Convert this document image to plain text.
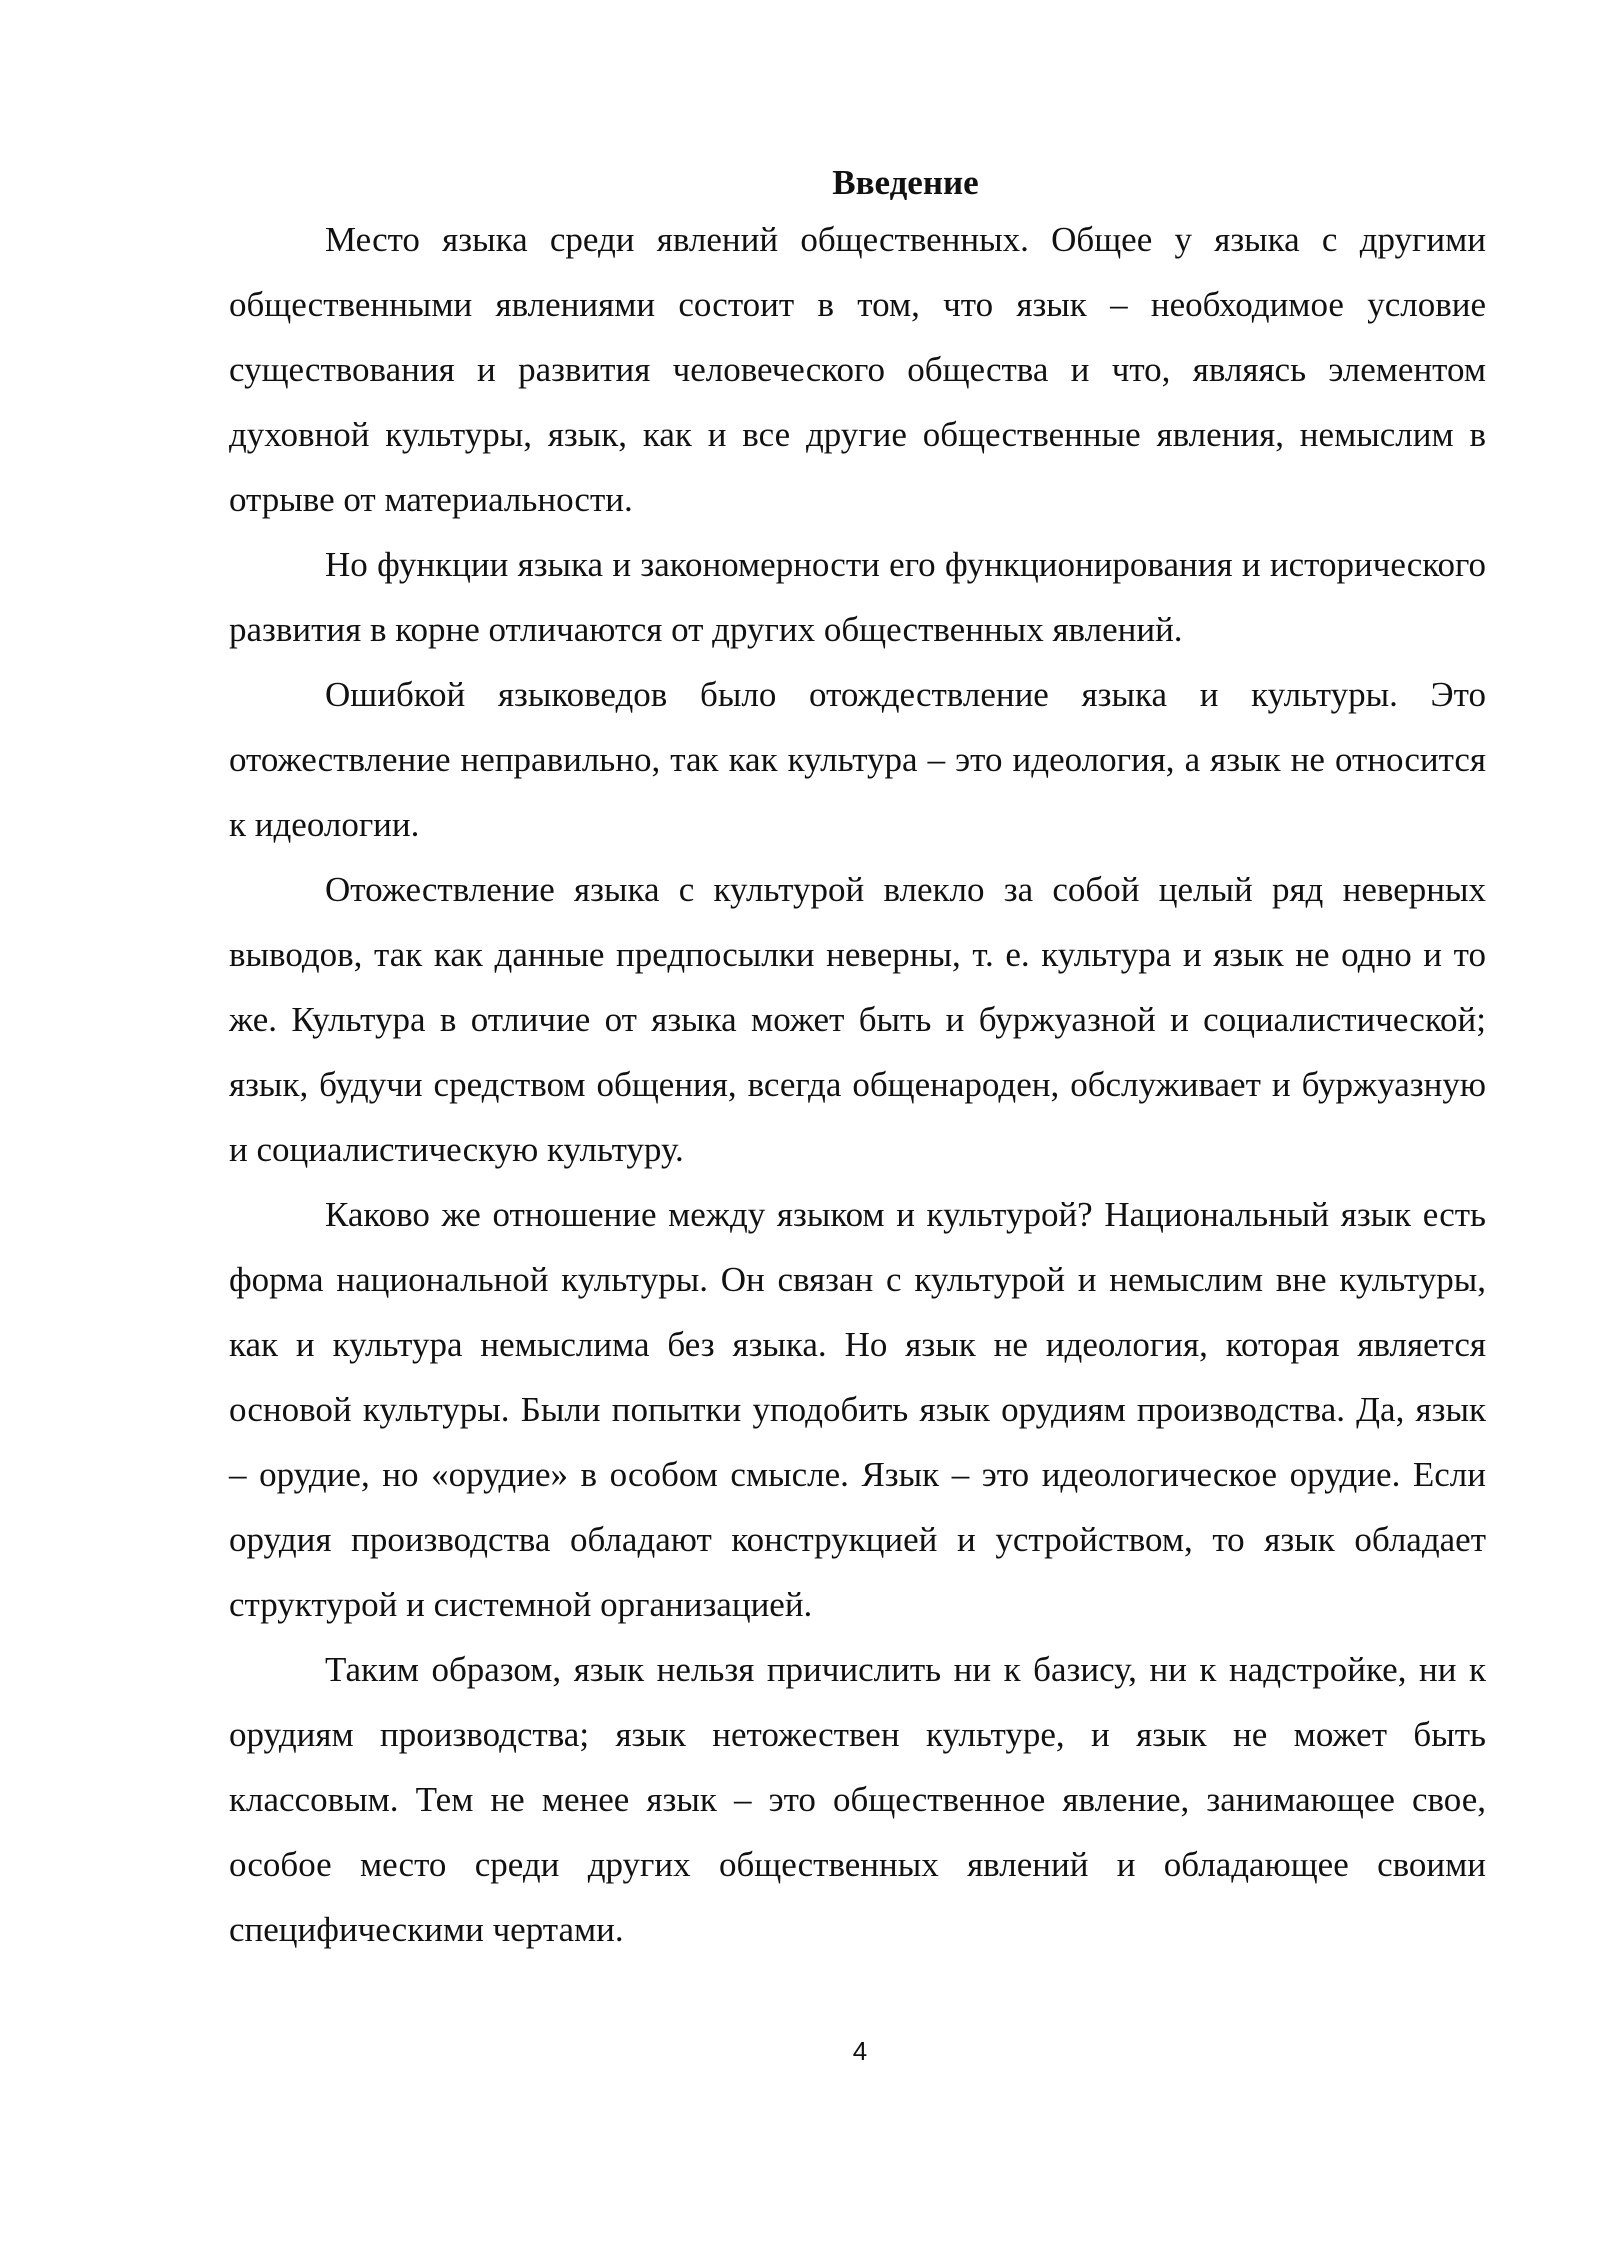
Введение

Место языка среди явлений общественных. Общее у языка с другими общественными явлениями состоит в том, что язык – необходимое условие существования и развития человеческого общества и что, являясь элементом духовной культуры, язык, как и все другие общественные явления, немыслим в отрыве от материальности.

Но функции языка и закономерности его функционирования и исторического развития в корне отличаются от других общественных явлений.

Ошибкой языковедов было отождествление языка и культуры. Это отожествление неправильно, так как культура – это идеология, а язык не относится к идеологии.

Отожествление языка с культурой влекло за собой целый ряд неверных выводов, так как данные предпосылки неверны, т. е. культура и язык не одно и то же. Культура в отличие от языка может быть и буржуазной и социалистической; язык, будучи средством общения, всегда общенароден, обслуживает и буржуазную и социалистическую культуру.

Каково же отношение между языком и культурой? Национальный язык есть форма национальной культуры. Он связан с культурой и немыслим вне культуры, как и культура немыслима без языка. Но язык не идеология, которая является основой культуры. Были попытки уподобить язык орудиям производства. Да, язык – орудие, но «орудие» в особом смысле. Язык – это идеологическое орудие. Если орудия производства обладают конструкцией и устройством, то язык обладает структурой и системной организацией.

Таким образом, язык нельзя причислить ни к базису, ни к надстройке, ни к орудиям производства; язык нетожествен культуре, и язык не может быть классовым. Тем не менее язык – это общественное явление, занимающее свое, особое место среди других общественных явлений и обладающее своими специфическими чертами.

4
